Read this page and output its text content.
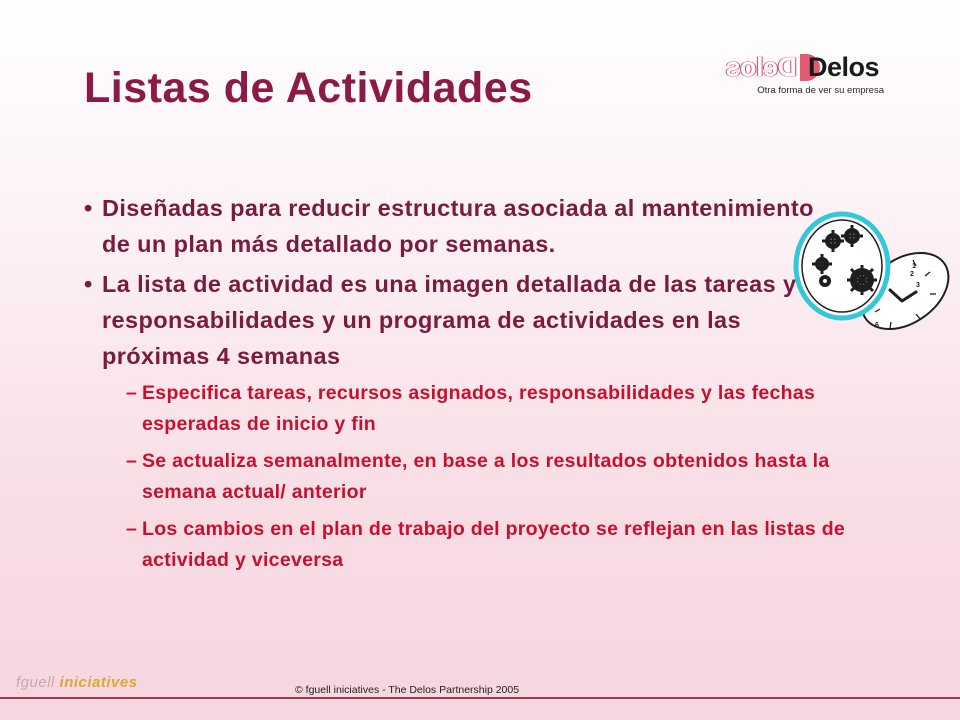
Listas de Actividades	Delos Delos
Otra forma de ver su empresa
• Diseñadas para reducir estructura asociada al mantenimiento de un plan más detallado por semanas.
• La lista de actividad es una imagen detallada de las tareas y responsabilidades y un programa de actividades en las próximas 4 semanas
– Especifica tareas, recursos asignados, responsabilidades y las fechas esperadas de inicio y fin
– Se actualiza semanalmente, en base a los resultados obtenidos hasta la semana actual/ anterior
– Los cambios en el plan de trabajo del proyecto se reflejan en las listas de actividad y viceversa
1
2
3
6
fguell iniciatives	© fguell iniciatives - The Delos Partnership 2005
